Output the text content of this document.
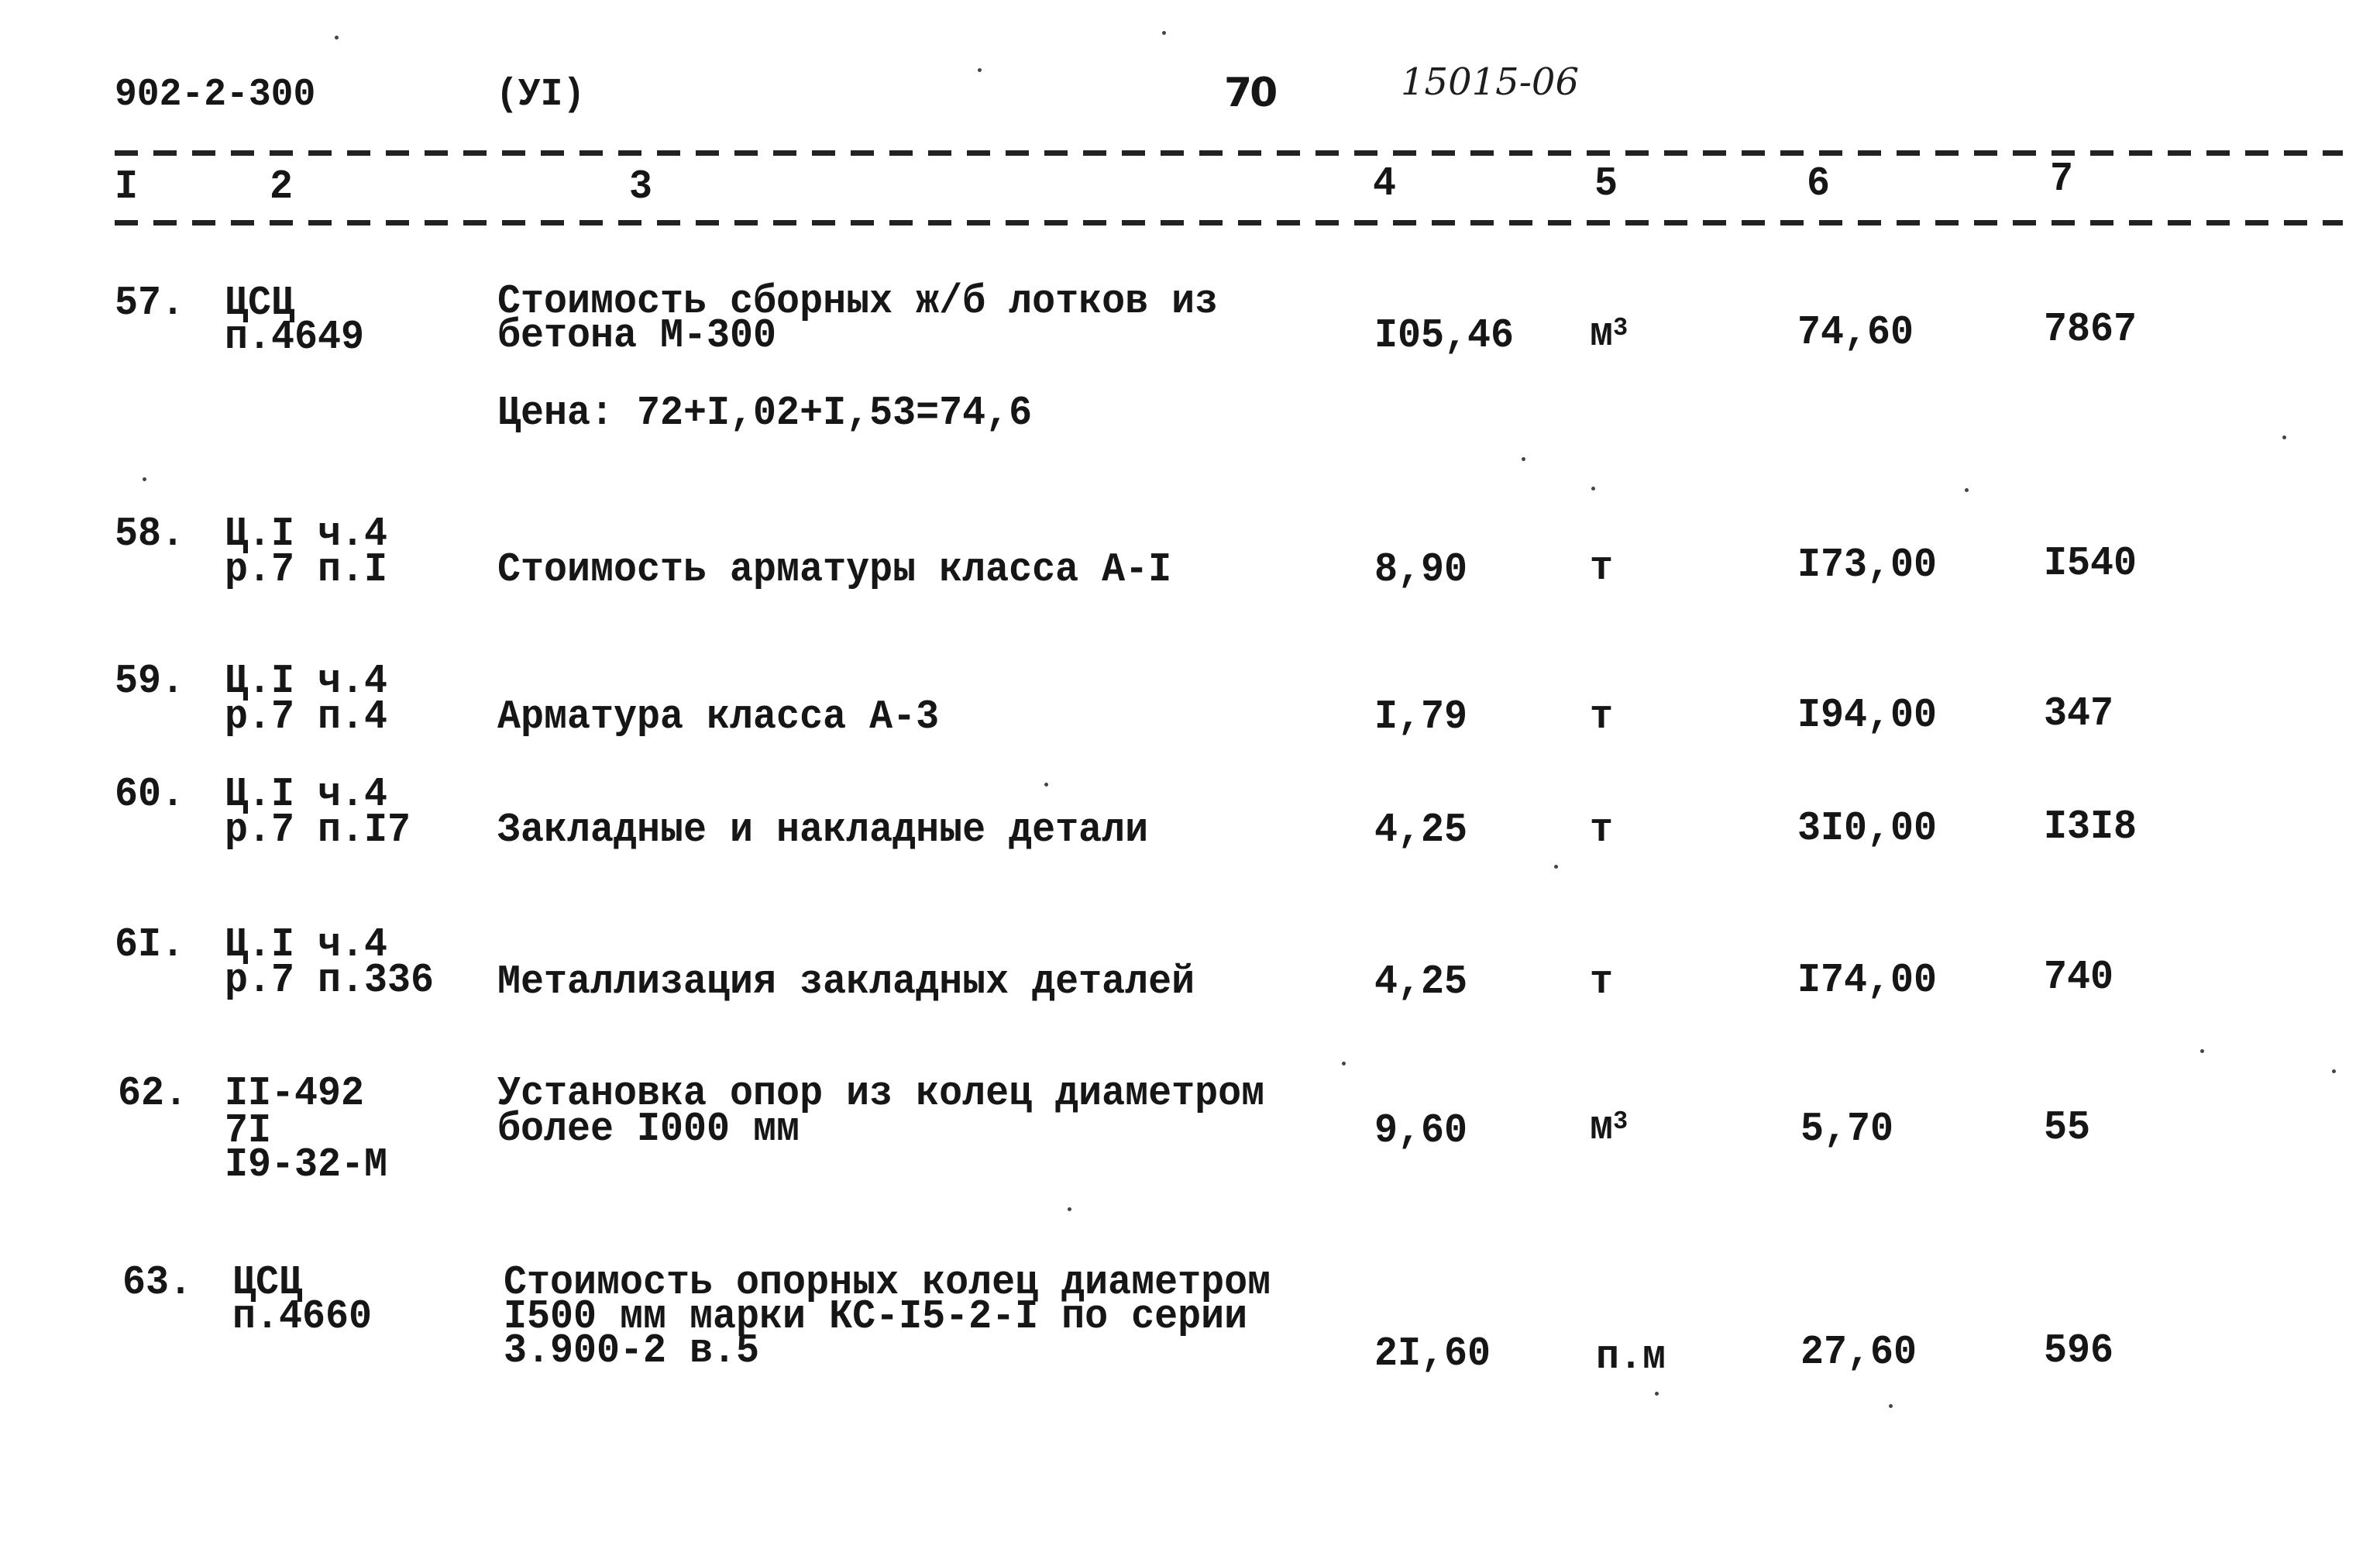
902-2-300	(УI)	70	15015-06
I	2	3	4	5	6	7
57. ЦСЦ
п.4649
Стоимость сборных ж/б лотков из
бетона М-300
Цена: 72+I,02+I,53=74,6
I05,46 $м^3$	74,60	7867
58. Ц.I ч.4
р.7 п.I	Стоимость арматуры класса А-I	8,90	т	I73,00	I540
59. Ц.I ч.4
р.7 п.4	Арматура класса А-3	I,79	т	I94,00	347
60. Ц.I ч.4
р.7 п.I7 Закладные и накладные детали	4,25	т	3I0,00	I3I8
6I. Ц.I ч.4
р.7 п.336 Металлизация закладных деталей	4,25	т	I74,00	740
62. II-492
7I
I9-32-М
Установка опор из колец диаметром
более I000 мм	9,60	$м^3$	5,70	55
63. ЦСЦ
п.4660
Стоимость опорных колец диаметром
I500 мм марки КС-I5-2-I по серии
3.900-2 в.5	2I,60	п.м	27,60	596
